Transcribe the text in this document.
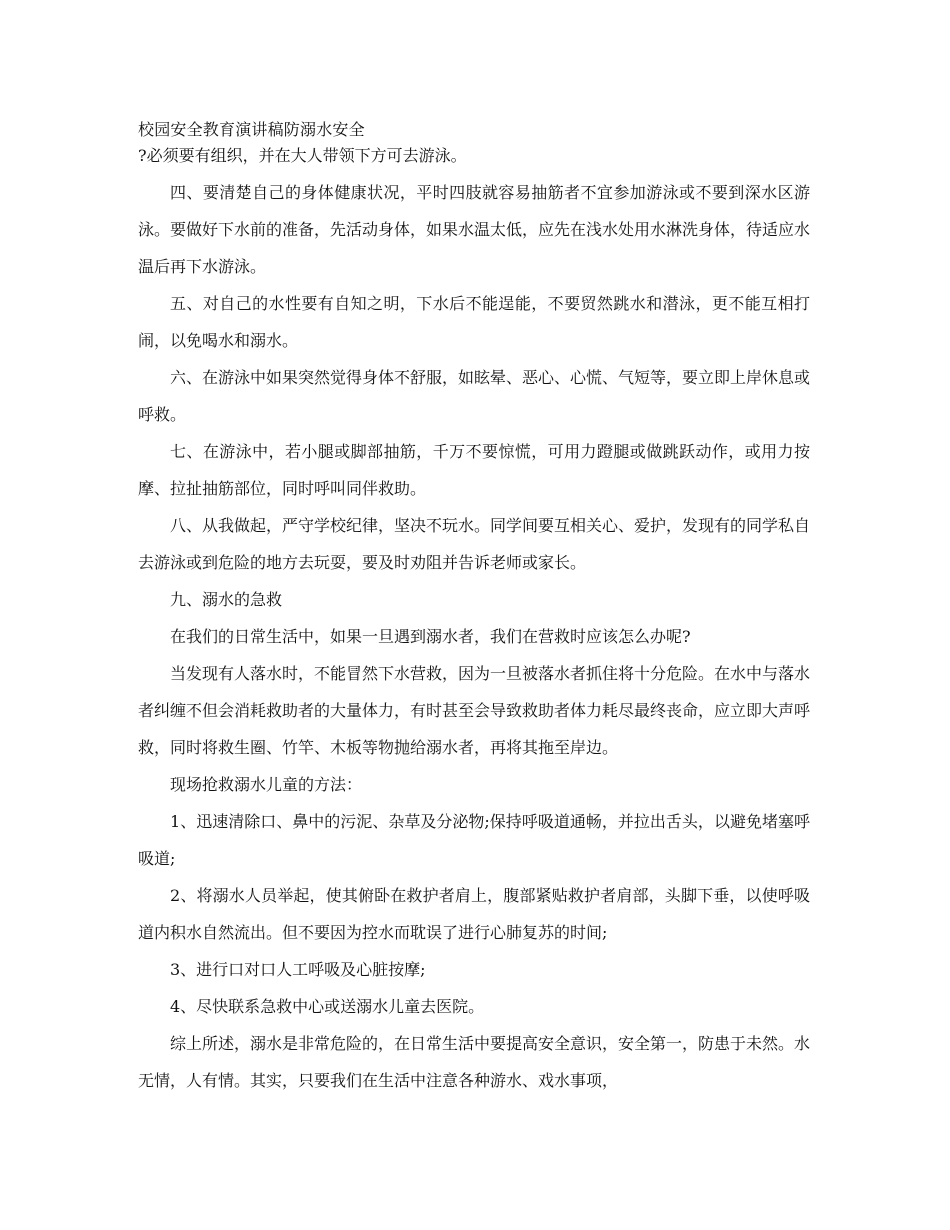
校园安全教育演讲稿防溺水安全

?必须要有组织，并在大人带领下方可去游泳。

四、要清楚自己的身体健康状况，平时四肢就容易抽筋者不宜参加游泳或不要到深水区游泳。要做好下水前的准备，先活动身体，如果水温太低，应先在浅水处用水淋洗身体，待适应水温后再下水游泳。

五、对自己的水性要有自知之明，下水后不能逞能，不要贸然跳水和潜泳，更不能互相打闹，以免喝水和溺水。

六、在游泳中如果突然觉得身体不舒服，如眩晕、恶心、心慌、气短等，要立即上岸休息或呼救。

七、在游泳中，若小腿或脚部抽筋，千万不要惊慌，可用力蹬腿或做跳跃动作，或用力按摩、拉扯抽筋部位，同时呼叫同伴救助。

八、从我做起，严守学校纪律，坚决不玩水。同学间要互相关心、爱护，发现有的同学私自去游泳或到危险的地方去玩耍，要及时劝阻并告诉老师或家长。

九、溺水的急救

在我们的日常生活中，如果一旦遇到溺水者，我们在营救时应该怎么办呢?

当发现有人落水时，不能冒然下水营救，因为一旦被落水者抓住将十分危险。在水中与落水者纠缠不但会消耗救助者的大量体力，有时甚至会导致救助者体力耗尽最终丧命，应立即大声呼救，同时将救生圈、竹竿、木板等物抛给溺水者，再将其拖至岸边。

现场抢救溺水儿童的方法：

1、迅速清除口、鼻中的污泥、杂草及分泌物;保持呼吸道通畅，并拉出舌头，以避免堵塞呼吸道;

2、将溺水人员举起，使其俯卧在救护者肩上，腹部紧贴救护者肩部，头脚下垂，以使呼吸道内积水自然流出。但不要因为控水而耽误了进行心肺复苏的时间;

3、进行口对口人工呼吸及心脏按摩;

4、尽快联系急救中心或送溺水儿童去医院。

综上所述，溺水是非常危险的，在日常生活中要提高安全意识，安全第一，防患于未然。水无情，人有情。其实，只要我们在生活中注意各种游水、戏水事项，
